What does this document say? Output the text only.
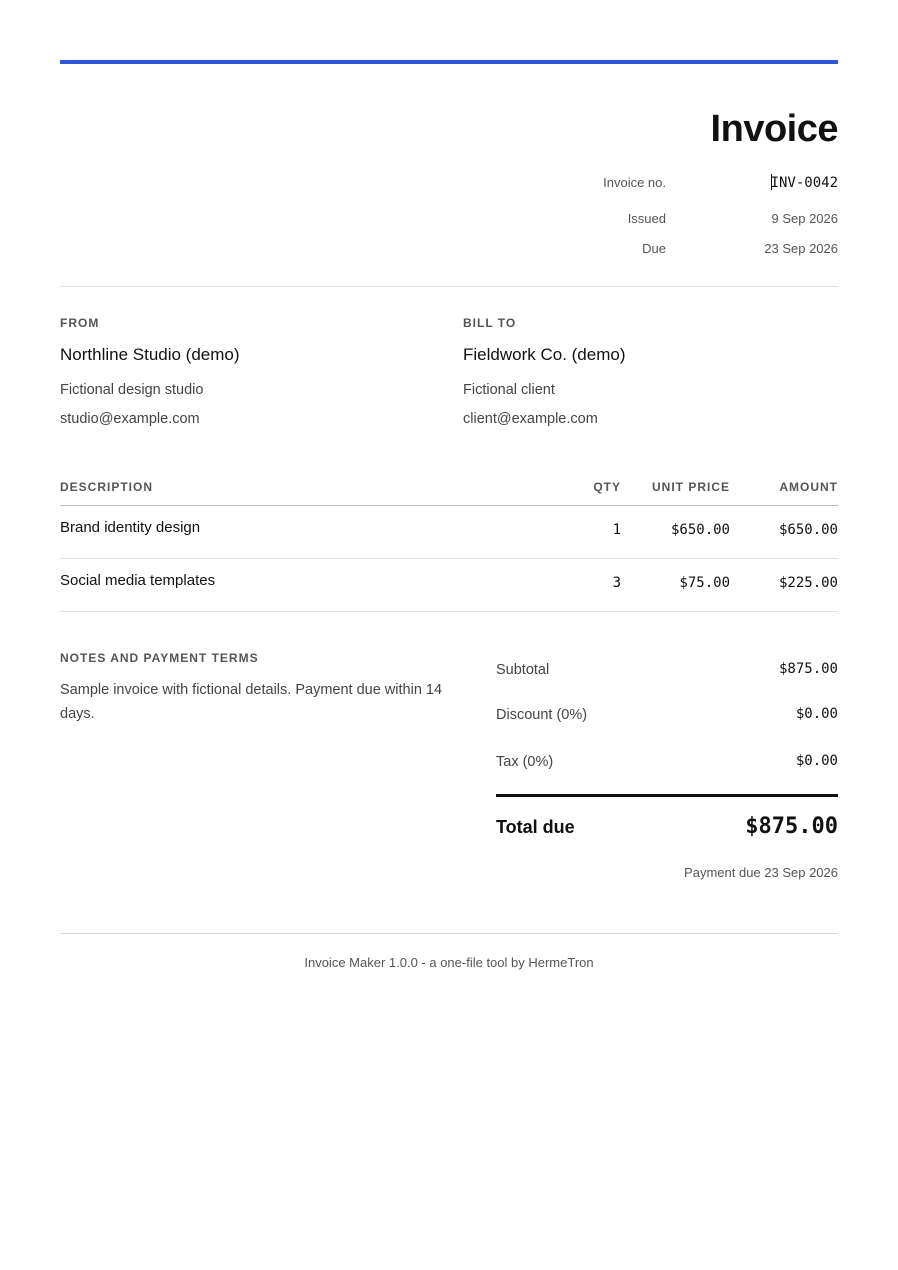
Invoice
Invoice no.	INV-0042
Issued	9 Sep 2026
Due	23 Sep 2026
FROM
Northline Studio (demo)
Fictional design studio
studio@example.com
BILL TO
Fieldwork Co. (demo)
Fictional client
client@example.com
DESCRIPTION	QTY	UNIT PRICE	AMOUNT
Brand identity design	1	$650.00	$650.00
Social media templates	3	$75.00	$225.00
NOTES AND PAYMENT TERMS
Sample invoice with fictional details. Payment due within 14 days.
Subtotal	$875.00
Discount (0%)	$0.00
Tax (0%)	$0.00
Total due	$875.00
Payment due 23 Sep 2026
Invoice Maker 1.0.0 - a one-file tool by HermeTron
